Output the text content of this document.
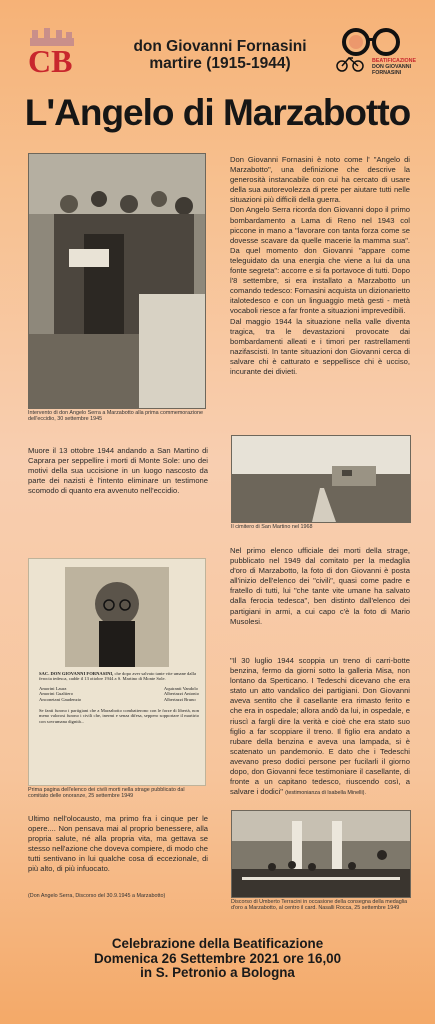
CB	don Giovanni Fornasini
martire (1915-1944)	BEATIFICAZIONE
DON GIOVANNI
FORNASINI
L'Angelo di Marzabotto
Intervento di don Angelo Serra a Marzabotto alla prima commemorazione dell'eccidio, 30 settembre 1945

Don Giovanni Fornasini è noto come l' "Angelo di Marzabotto", una definizione che descrive la generosità instancabile con cui ha cercato di usare della sua autorevolezza di prete per aiutare tutti nelle situazioni più difficili della guerra.

Don Angelo Serra ricorda don Giovanni dopo il primo bombardamento a Lama di Reno nel 1943 col piccone in mano a "lavorare con tanta forza come se dovesse scavare da quelle macerie la mamma sua". Da quel momento don Giovanni "appare come teleguidato da una energia che viene a lui da una fonte segreta": accorre e si fa portavoce di tutti. Dopo l'8 settembre, si era installato a Marzabotto un comando tedesco: Fornasini acquista un dizionarietto italotedesco e con un linguaggio metà gesti - metà vocaboli riesce a far fronte a situazioni imprevedibili.

Dal maggio 1944 la situazione nella valle diventa tragica, tra le devastazioni provocate dai bombardamenti alleati e i timori per rastrellamenti nazifascisti. In tante situazioni don Giovanni cerca di salvare chi è catturato e seppellisce chi è ucciso, incurante dei divieti.

Muore il 13 ottobre 1944 andando a San Martino di Caprara per seppellire i morti di Monte Sole: uno dei motivi della sua uccisione in un luogo nascosto da parte dei nazisti è l'intento eliminare un testimone scomodo di quanto era avvenuto nell'eccidio.
Il cimitero di San Martino nel 1968
SAC. DON GIOVANNI FORNASINI, che dopo aver salvato tante vite umane dalla ferocia tedesca, cadde il 13 ottobre 1944 a S. Martino di Monte Sole.
Amorini Laura
Amorini Gualtiero
Anconetani Gaudenzio
Aquiranti Vandolo
Albertazzi Antonio
Albertazzi Bruno
Se fanti furono i partigiani che a Marzabotto combatterono con le forze di libertà, non meno valorosi furono i civili che, inermi e senza difesa, seppero sopportare il martirio con sovrumana dignità...
Prima pagina dell'elenco dei civili morti nella strage pubblicato dal comitato delle onoranze, 25 settembre 1949
Nel primo elenco ufficiale dei morti della strage, pubblicato nel 1949 dal comitato per la medaglia d'oro di Marzabotto, la foto di don Giovanni è posta all'inizio dell'elenco dei "civili", quasi come padre e fratello di tutti, lui "che tante vite umane ha salvato dalla ferocia tedesca", ben distinto dall'elenco dei partigiani in armi, a cui capo c'è la foto di Mario Musolesi.
"Il 30 luglio 1944 scoppia un treno di carri-botte benzina, fermo da giorni sotto la galleria Misa, non lontano da Sperticano. I Tedeschi dicevano che era stato un atto vandalico dei partigiani. Don Giovanni aveva sentito che il casellante era rimasto ferito e che era in ospedale; allora andò da lui, in ospedale, e riuscì a fargli dire la verità e cioè che era stato suo figlio a far scoppiare il treno. Il figlio era andato a rubare della benzina e aveva una lampada, si è scatenato un pandemonio. E dato che i Tedeschi avevano preso dodici persone per fucilarli il giorno dopo, don Giovanni fece testimoniare il casellante, di fronte a un capitano tedesco, riuscendo così, a salvare i dodici" (testimonianza di Isabella Minelli).
Ultimo nell'olocausto, ma primo fra i cinque per le opere.... Non pensava mai al proprio benessere, alla propria salute, né alla propria vita, ma gettava se stesso nell'azione che doveva compiere, di modo che tutti sentivano in lui qualche cosa di eccezionale, di più alto, di più infuocato.
(Don Angelo Serra, Discorso del 30.9.1945 a Marzabotto)
Discorso di Umberto Terracini in occasione della consegna della medaglia d'oro a Marzabotto, al centro il card. Nasalli Rocca, 25 settembre 1949
Celebrazione della Beatificazione
Domenica 26 Settembre 2021 ore 16,00
in S. Petronio a Bologna
